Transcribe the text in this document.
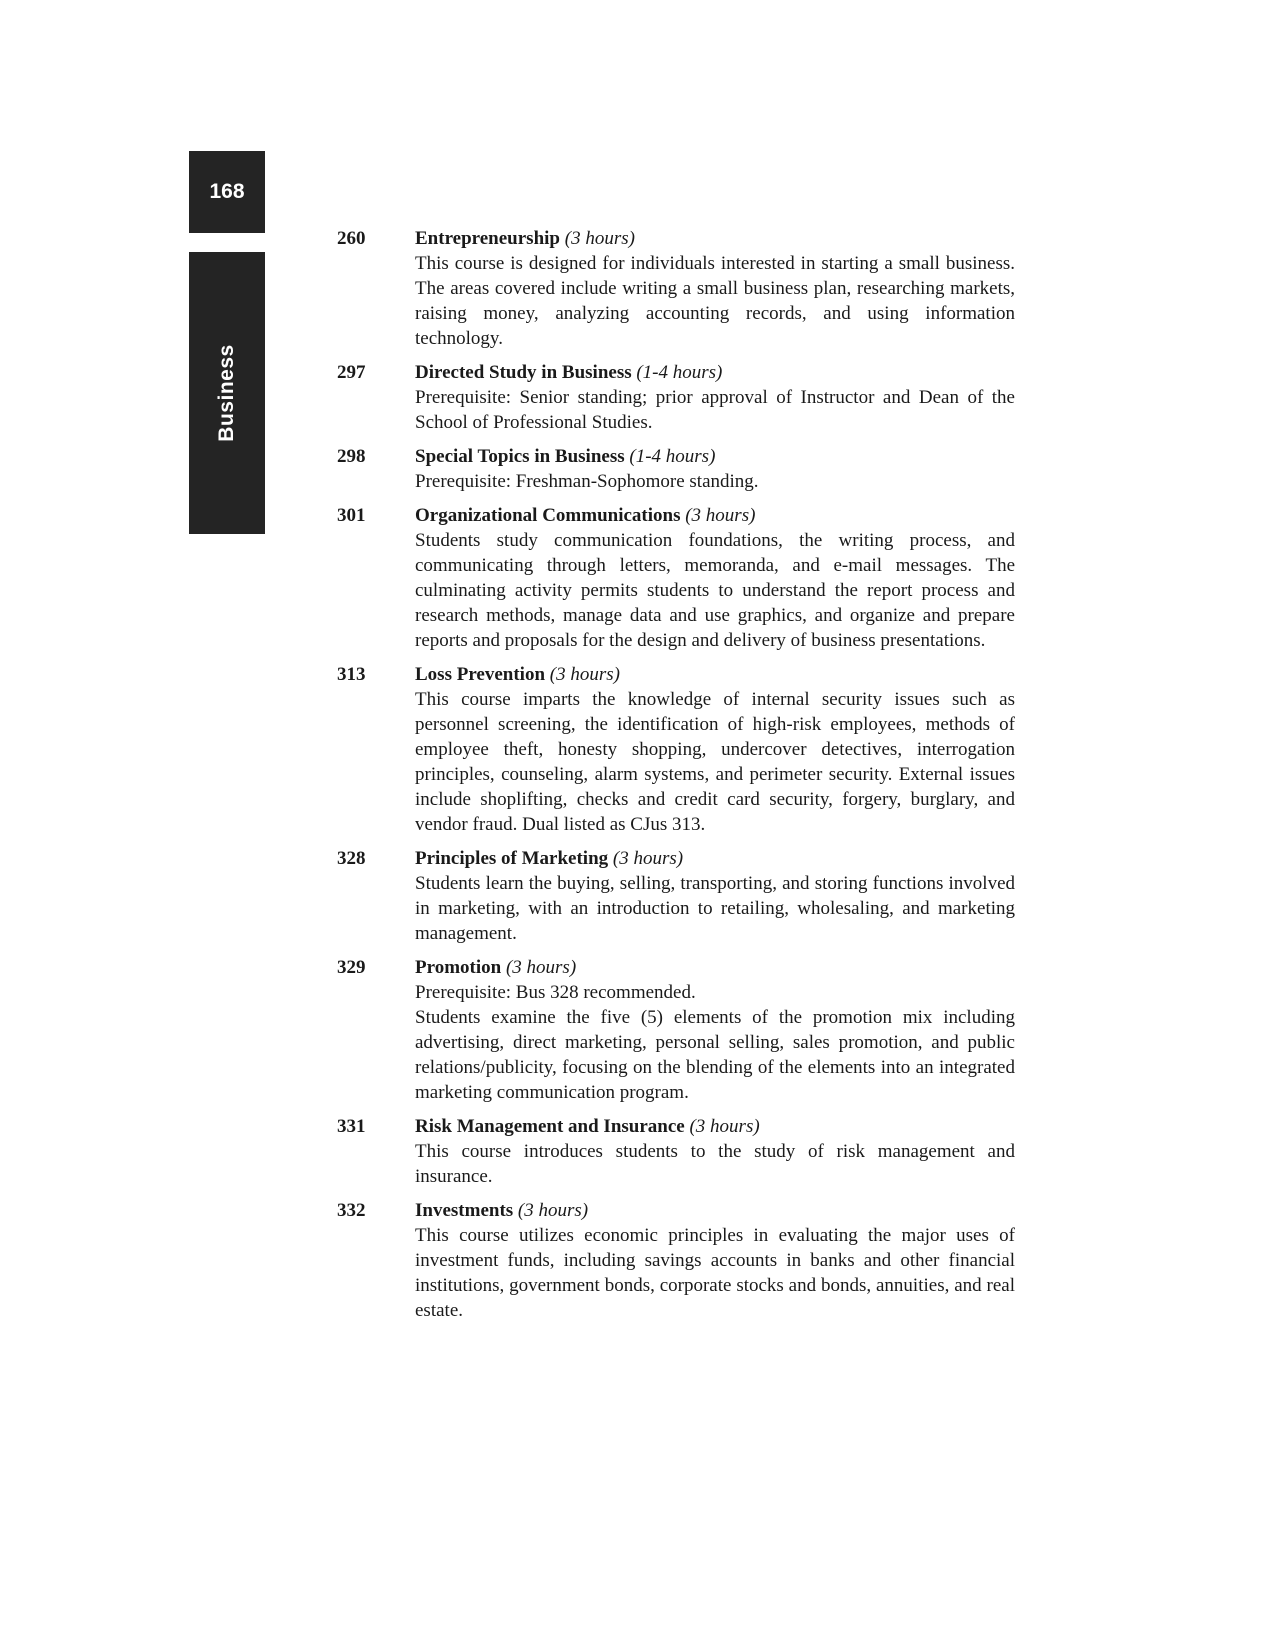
168
Business
260	Entrepreneurship (3 hours)

This course is designed for individuals interested in starting a small business. The areas covered include writing a small business plan, researching markets, raising money, analyzing accounting records, and using information technology.

297	Directed Study in Business (1-4 hours)

Prerequisite: Senior standing; prior approval of Instructor and Dean of the School of Professional Studies.

298	Special Topics in Business (1-4 hours)

Prerequisite: Freshman-Sophomore standing.

301	Organizational Communications (3 hours)

Students study communication foundations, the writing process, and communicating through letters, memoranda, and e-mail messages. The culminating activity permits students to understand the report process and research methods, manage data and use graphics, and organize and prepare reports and proposals for the design and delivery of business presentations.

313	Loss Prevention (3 hours)

This course imparts the knowledge of internal security issues such as personnel screening, the identification of high-risk employees, methods of employee theft, honesty shopping, undercover detectives, interrogation principles, counseling, alarm systems, and perimeter security. External issues include shoplifting, checks and credit card security, forgery, burglary, and vendor fraud. Dual listed as CJus 313.

328	Principles of Marketing (3 hours)

Students learn the buying, selling, transporting, and storing functions involved in marketing, with an introduction to retailing, wholesaling, and marketing management.

329	Promotion (3 hours)

Prerequisite: Bus 328 recommended.

Students examine the five (5) elements of the promotion mix including advertising, direct marketing, personal selling, sales promotion, and public relations/publicity, focusing on the blending of the elements into an integrated marketing communication program.

331	Risk Management and Insurance (3 hours)

This course introduces students to the study of risk management and insurance.

332	Investments (3 hours)

This course utilizes economic principles in evaluating the major uses of investment funds, including savings accounts in banks and other financial institutions, government bonds, corporate stocks and bonds, annuities, and real estate.
